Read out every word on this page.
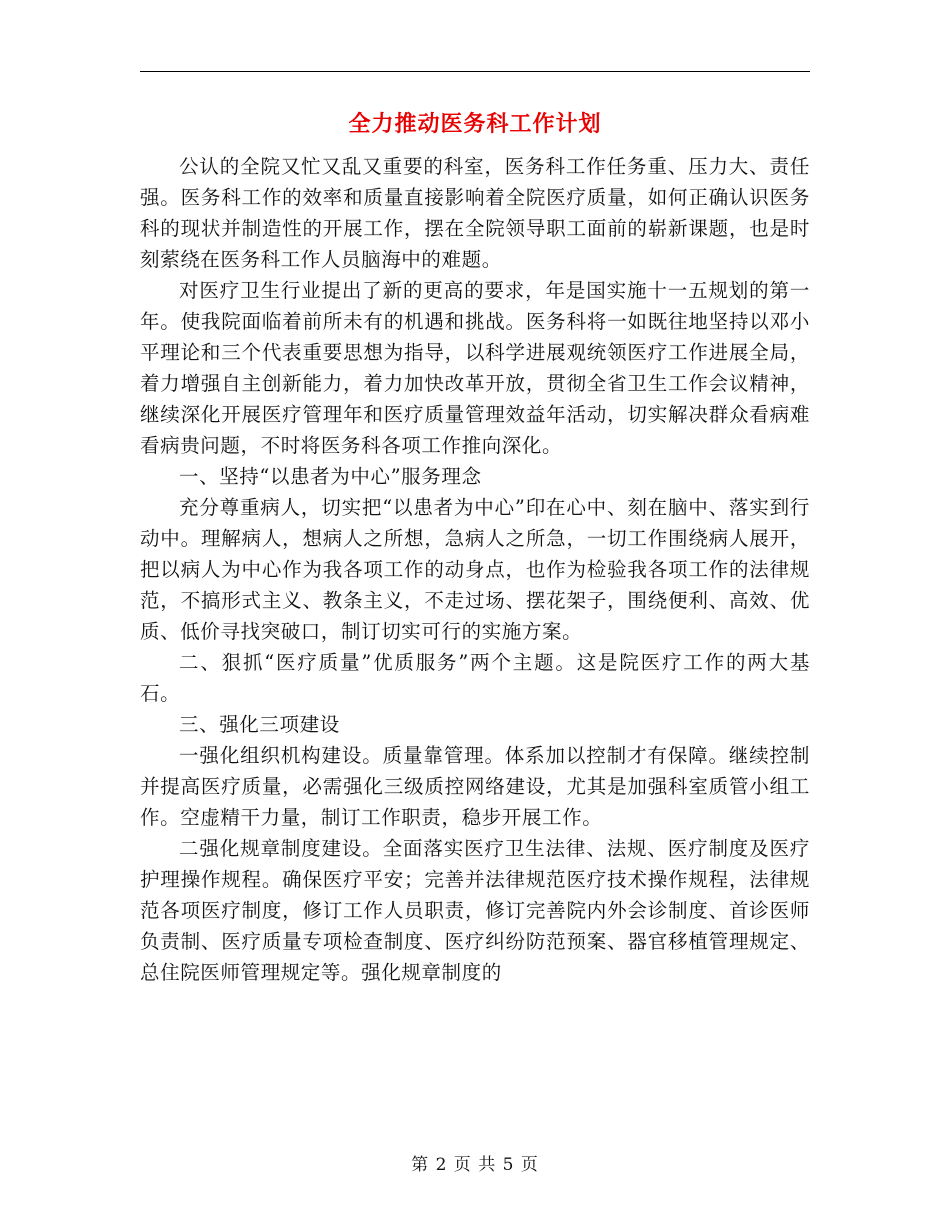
全力推动医务科工作计划

公认的全院又忙又乱又重要的科室，医务科工作任务重、压力大、责任强。医务科工作的效率和质量直接影响着全院医疗质量，如何正确认识医务科的现状并制造性的开展工作，摆在全院领导职工面前的崭新课题，也是时刻萦绕在医务科工作人员脑海中的难题。

对医疗卫生行业提出了新的更高的要求，年是国实施十一五规划的第一年。使我院面临着前所未有的机遇和挑战。医务科将一如既往地坚持以邓小平理论和三个代表重要思想为指导，以科学进展观统领医疗工作进展全局，着力增强自主创新能力，着力加快改革开放，贯彻全省卫生工作会议精神，继续深化开展医疗管理年和医疗质量管理效益年活动，切实解决群众看病难看病贵问题，不时将医务科各项工作推向深化。

一、坚持“以患者为中心”服务理念

充分尊重病人，切实把“以患者为中心”印在心中、刻在脑中、落实到行动中。理解病人，想病人之所想，急病人之所急，一切工作围绕病人展开，把以病人为中心作为我各项工作的动身点，也作为检验我各项工作的法律规范，不搞形式主义、教条主义，不走过场、摆花架子，围绕便利、高效、优质、低价寻找突破口，制订切实可行的实施方案。

二、狠抓“医疗质量”优质服务”两个主题。这是院医疗工作的两大基石。

三、强化三项建设

一强化组织机构建设。质量靠管理。体系加以控制才有保障。继续控制并提高医疗质量，必需强化三级质控网络建设，尤其是加强科室质管小组工作。空虚精干力量，制订工作职责，稳步开展工作。

二强化规章制度建设。全面落实医疗卫生法律、法规、医疗制度及医疗护理操作规程。确保医疗平安；完善并法律规范医疗技术操作规程，法律规范各项医疗制度，修订工作人员职责，修订完善院内外会诊制度、首诊医师负责制、医疗质量专项检查制度、医疗纠纷防范预案、器官移植管理规定、总住院医师管理规定等。强化规章制度的

第 2 页 共 5 页
